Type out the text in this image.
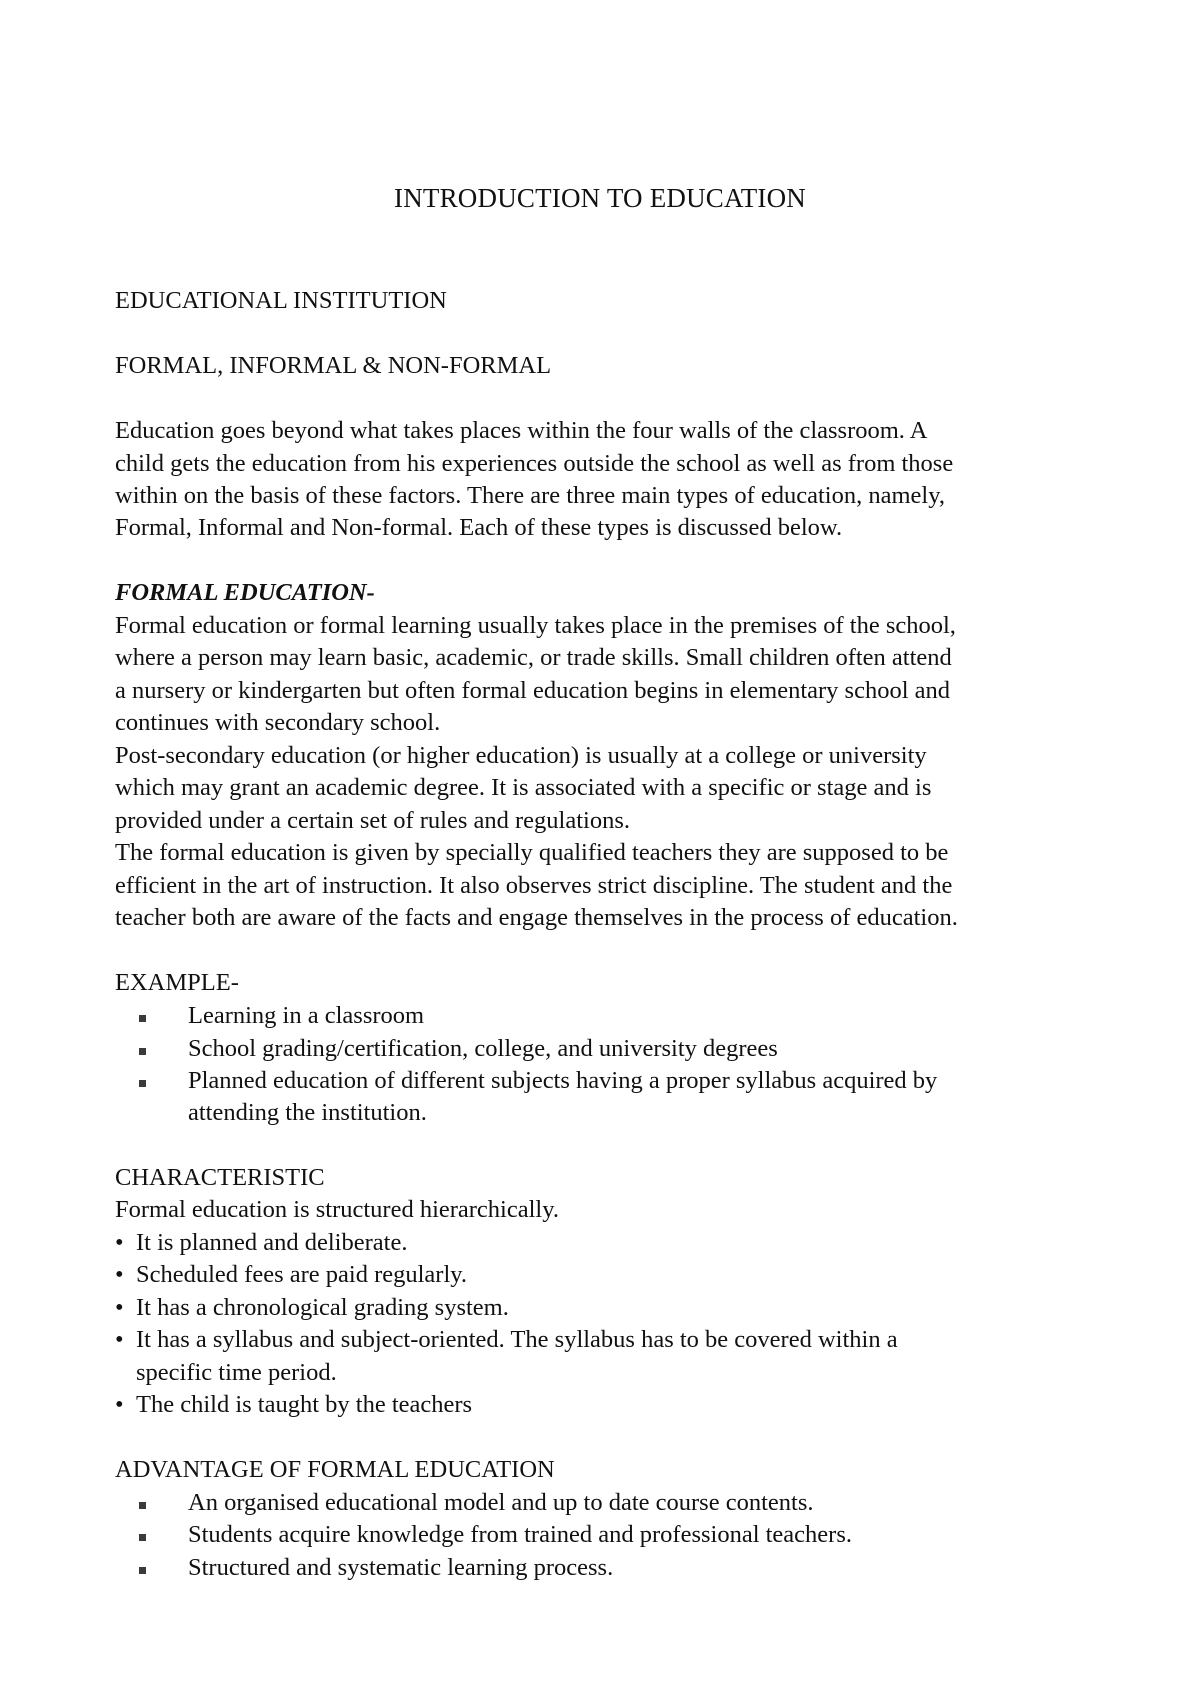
INTRODUCTION TO EDUCATION
EDUCATIONAL INSTITUTION
FORMAL, INFORMAL & NON-FORMAL
Education goes beyond what takes places within the four walls of the classroom. A
child gets the education from his experiences outside the school as well as from those
within on the basis of these factors. There are three main types of education, namely,
Formal, Informal and Non-formal. Each of these types is discussed below.
FORMAL EDUCATION-
Formal education or formal learning usually takes place in the premises of the school,
where a person may learn basic, academic, or trade skills. Small children often attend
a nursery or kindergarten but often formal education begins in elementary school and
continues with secondary school.
Post-secondary education (or higher education) is usually at a college or university
which may grant an academic degree. It is associated with a specific or stage and is
provided under a certain set of rules and regulations.
The formal education is given by specially qualified teachers they are supposed to be
efficient in the art of instruction. It also observes strict discipline. The student and the
teacher both are aware of the facts and engage themselves in the process of education.
EXAMPLE-
Learning in a classroom
School grading/certification, college, and university degrees
Planned education of different subjects having a proper syllabus acquired by
attending the institution.
CHARACTERISTIC
Formal education is structured hierarchically.
• It is planned and deliberate.
• Scheduled fees are paid regularly.
• It has a chronological grading system.
• It has a syllabus and subject-oriented. The syllabus has to be covered within a
specific time period.
• The child is taught by the teachers
ADVANTAGE OF FORMAL EDUCATION
An organised educational model and up to date course contents.
Students acquire knowledge from trained and professional teachers.
Structured and systematic learning process.
